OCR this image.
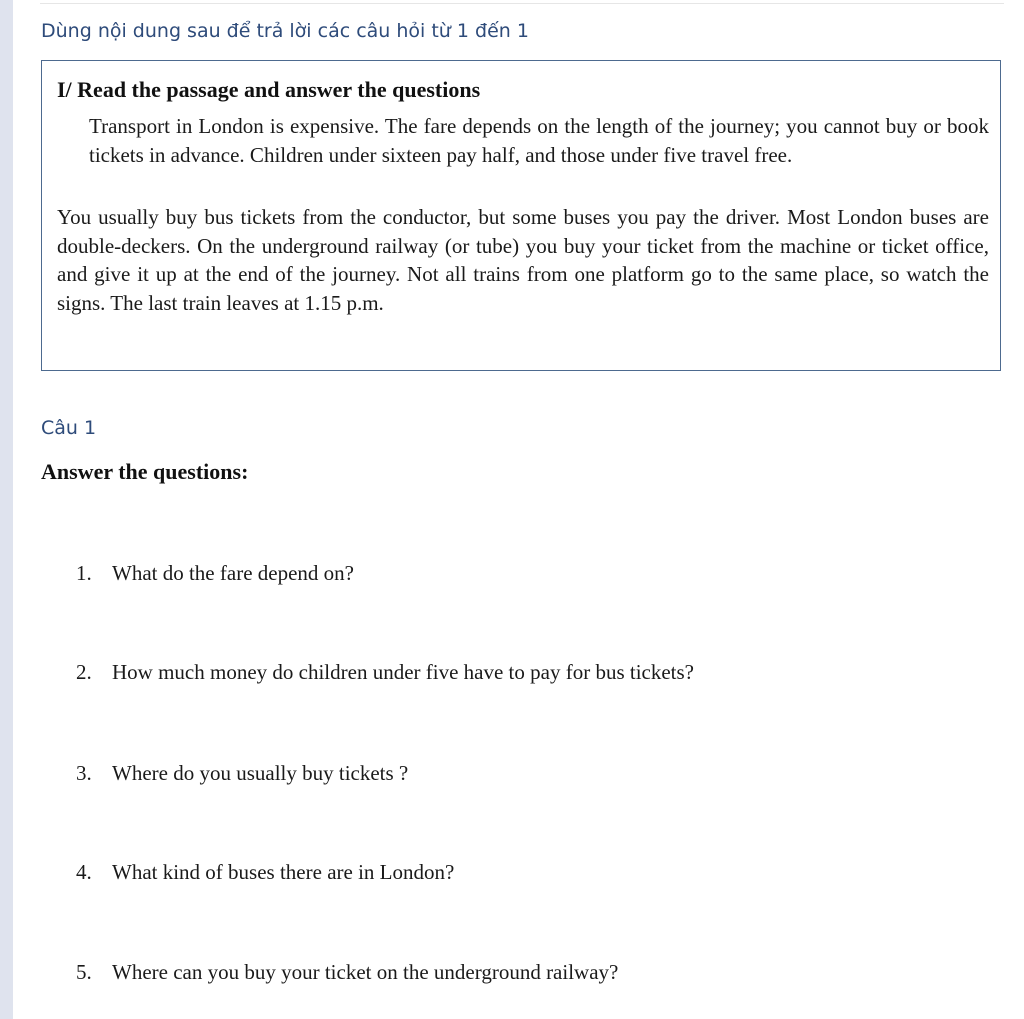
Dùng nội dung sau để trả lời các câu hỏi từ 1 đến 1
I/ Read the passage and answer the questions
Transport in London is expensive. The fare depends on the length of the journey; you cannot buy or book tickets in advance. Children under sixteen pay half, and those under five travel free.
You usually buy bus tickets from the conductor, but some buses you pay the driver. Most London buses are double-deckers. On the underground railway (or tube) you buy your ticket from the machine or ticket office, and give it up at the end of the journey. Not all trains from one platform go to the same place, so watch the signs. The last train leaves at 1.15 p.m.
Câu 1
Answer the questions:
1. What do the fare depend on?
2. How much money do children under five have to pay for bus tickets?
3. Where do you usually buy tickets ?
4. What kind of buses there are in London?
5. Where can you buy your ticket on the underground railway?
